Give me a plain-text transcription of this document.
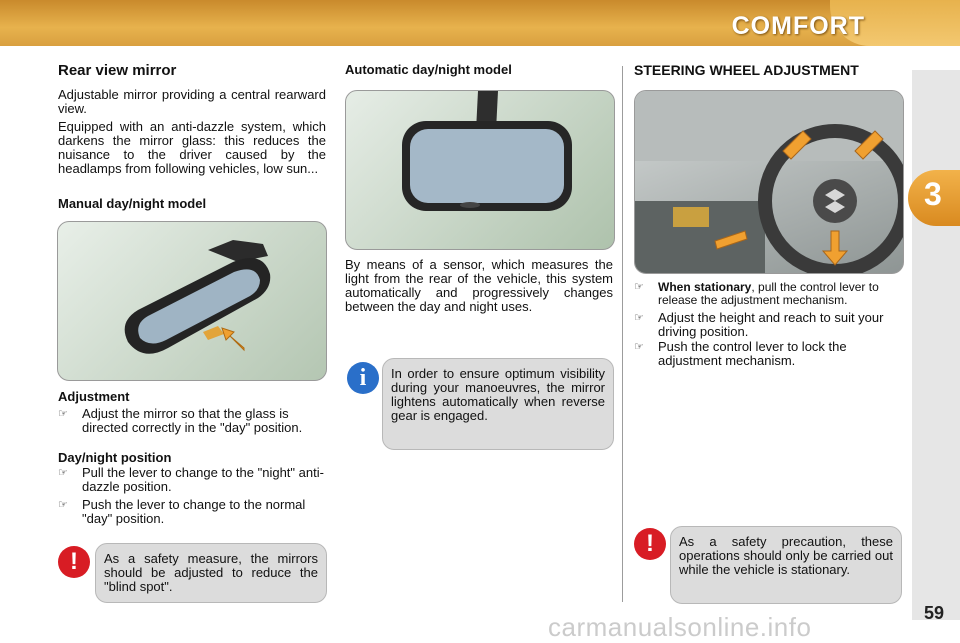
COMFORT
3
Rear view mirror
Adjustable mirror providing a central rearward view.
Equipped with an anti-dazzle system, which darkens the mirror glass: this reduces the nuisance to the driver caused by the headlamps from following vehicles, low sun...
Manual day/night model
Adjustment
☞ Adjust the mirror so that the glass is directed correctly in the "day" position.
Day/night position
☞ Pull the lever to change to the "night" anti-dazzle position.
☞ Push the lever to change to the normal "day" position.
!	As a safety measure, the mirrors should be adjusted to reduce the "blind spot".
Automatic day/night model
By means of a sensor, which measures the light from the rear of the vehicle, this system automatically and progressively changes between the day and night uses.
i	In order to ensure optimum visibility during your manoeuvres, the mirror lightens automatically when reverse gear is engaged.
STEERING WHEEL ADJUSTMENT
☞ When stationary, pull the control lever to release the adjustment mechanism.
☞ Adjust the height and reach to suit your driving position.
☞ Push the control lever to lock the adjustment mechanism.
!	As a safety precaution, these operations should only be carried out while the vehicle is stationary.
59
carmanualsonline.info
